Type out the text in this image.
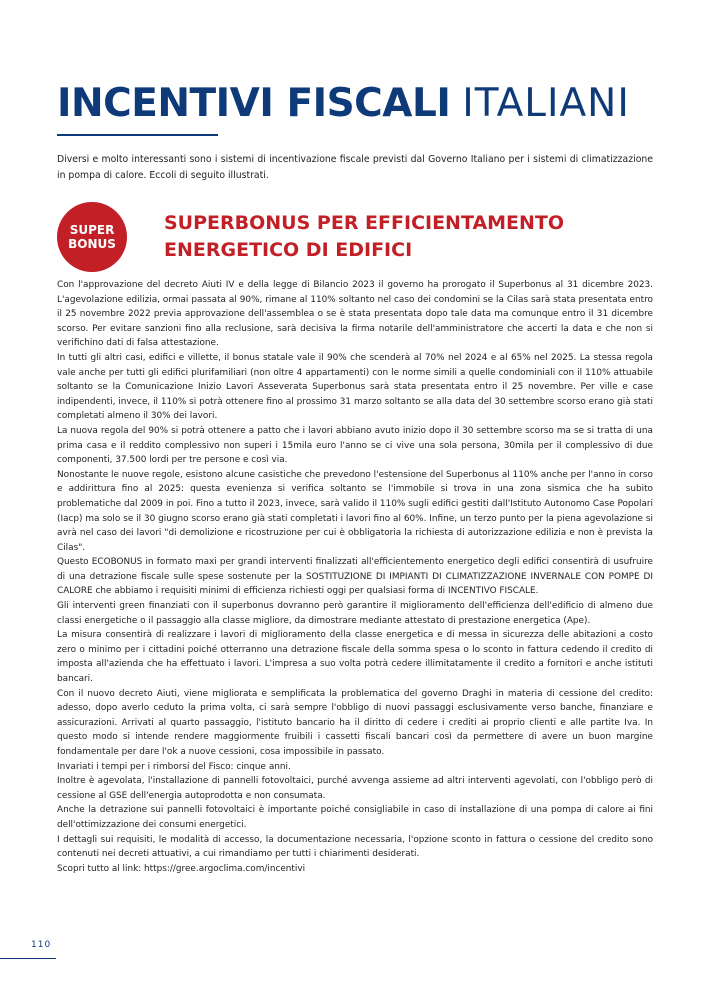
INCENTIVI FISCALI ITALIANI

Diversi e molto interessanti sono i sistemi di incentivazione fiscale previsti dal Governo Italiano per i sistemi di climatizzazione in pompa di calore. Eccoli di seguito illustrati.

SUPER
BONUS
SUPERBONUS PER EFFICIENTAMENTO
ENERGETICO DI EDIFICI

Con l'approvazione del decreto Aiuti IV e della legge di Bilancio 2023 il governo ha prorogato il Superbonus al 31 dicembre 2023. L'agevolazione edilizia, ormai passata al 90%, rimane al 110% soltanto nel caso dei condomini se la Cilas sarà stata presentata entro il 25 novembre 2022 previa approvazione dell'assemblea o se è stata presentata dopo tale data ma comunque entro il 31 dicembre scorso. Per evitare sanzioni fino alla reclusione, sarà decisiva la firma notarile dell'amministratore che accerti la data e che non si verifichino dati di falsa attestazione.

In tutti gli altri casi, edifici e villette, il bonus statale vale il 90% che scenderà al 70% nel 2024 e al 65% nel 2025. La stessa regola vale anche per tutti gli edifici plurifamiliari (non oltre 4 appartamenti) con le norme simili a quelle condominiali con il 110% attuabile soltanto se la Comunicazione Inizio Lavori Asseverata Superbonus sarà stata presentata entro il 25 novembre. Per ville e case indipendenti, invece, il 110% si potrà ottenere fino al prossimo 31 marzo soltanto se alla data del 30 settembre scorso erano già stati completati almeno il 30% dei lavori.

La nuova regola del 90% si potrà ottenere a patto che i lavori abbiano avuto inizio dopo il 30 settembre scorso ma se si tratta di una prima casa e il reddito complessivo non superi i 15mila euro l'anno se ci vive una sola persona, 30mila per il complessivo di due componenti, 37.500 lordi per tre persone e così via.

Nonostante le nuove regole, esistono alcune casistiche che prevedono l'estensione del Superbonus al 110% anche per l'anno in corso e addirittura fino al 2025: questa evenienza si verifica soltanto se l'immobile si trova in una zona sismica che ha subito problematiche dal 2009 in poi. Fino a tutto il 2023, invece, sarà valido il 110% sugli edifici gestiti dall'Istituto Autonomo Case Popolari (Iacp) ma solo se il 30 giugno scorso erano già stati completati i lavori fino al 60%. Infine, un terzo punto per la piena agevolazione si avrà nel caso dei lavori "di demolizione e ricostruzione per cui è obbligatoria la richiesta di autorizzazione edilizia e non è prevista la Cilas".

Questo ECOBONUS in formato maxi per grandi interventi finalizzati all'efficientemento energetico degli edifici consentirà di usufruire di una detrazione fiscale sulle spese sostenute per la SOSTITUZIONE DI IMPIANTI DI CLIMATIZZAZIONE INVERNALE CON POMPE DI CALORE che abbiamo i requisiti minimi di efficienza richiesti oggi per qualsiasi forma di INCENTIVO FISCALE.

Gli interventi green finanziati con il superbonus dovranno però garantire il miglioramento dell'efficienza dell'edificio di almeno due classi energetiche o il passaggio alla classe migliore, da dimostrare mediante attestato di prestazione energetica (Ape).

La misura consentirà di realizzare i lavori di miglioramento della classe energetica e di messa in sicurezza delle abitazioni a costo zero o minimo per i cittadini poiché otterranno una detrazione fiscale della somma spesa o lo sconto in fattura cedendo il credito di imposta all'azienda che ha effettuato i lavori. L'impresa a suo volta potrà cedere illimitatamente il credito a fornitori e anche istituti bancari.

Con il nuovo decreto Aiuti, viene migliorata e semplificata la problematica del governo Draghi in materia di cessione del credito: adesso, dopo averlo ceduto la prima volta, ci sarà sempre l'obbligo di nuovi passaggi esclusivamente verso banche, finanziare e assicurazioni. Arrivati al quarto passaggio, l'istituto bancario ha il diritto di cedere i crediti ai proprio clienti e alle partite Iva. In questo modo si intende rendere maggiormente fruibili i cassetti fiscali bancari così da permettere di avere un buon margine fondamentale per dare l'ok a nuove cessioni, cosa impossibile in passato.

Invariati i tempi per i rimborsi del Fisco: cinque anni.

Inoltre è agevolata, l'installazione di pannelli fotovoltaici, purché avvenga assieme ad altri interventi agevolati, con l'obbligo però di cessione al GSE dell'energia autoprodotta e non consumata.

Anche la detrazione sui pannelli fotovoltaici è importante poiché consigliabile in caso di installazione di una pompa di calore ai fini dell'ottimizzazione dei consumi energetici.

I dettagli sui requisiti, le modalità di accesso, la documentazione necessaria, l'opzione sconto in fattura o cessione del credito sono contenuti nei decreti attuativi, a cui rimandiamo per tutti i chiarimenti desiderati.

Scopri tutto al link: https://gree.argoclima.com/incentivi

110
